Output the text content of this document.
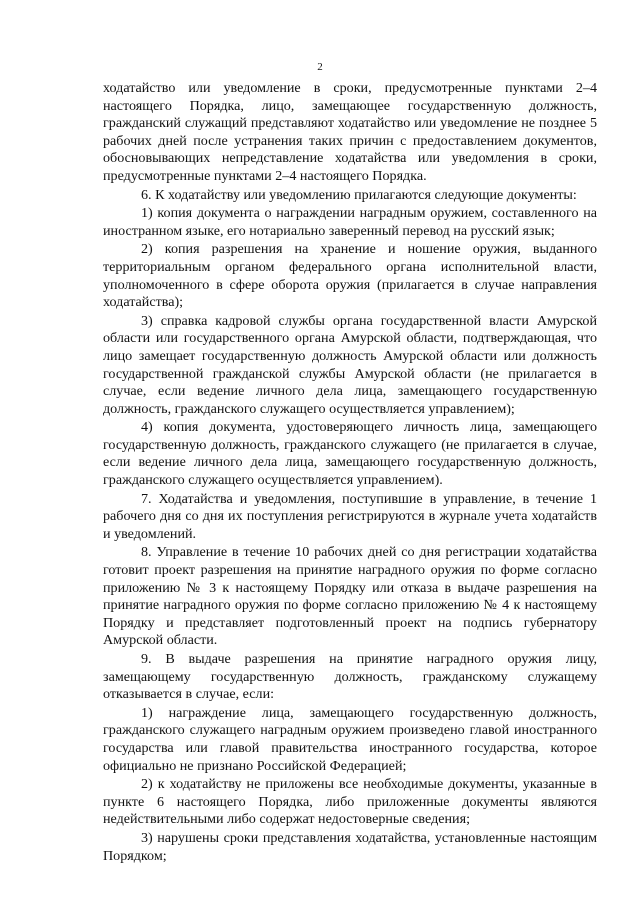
2

ходатайство или уведомление в сроки, предусмотренные пунктами 2–4 настоящего Порядка, лицо, замещающее государственную должность, гражданский служащий представляют ходатайство или уведомление не позднее 5 рабочих дней после устранения таких причин с предоставлением документов, обосновывающих непредставление ходатайства или уведомления в сроки, предусмотренные пунктами 2–4 настоящего Порядка.

6. К ходатайству или уведомлению прилагаются следующие документы:

1) копия документа о награждении наградным оружием, составленного на иностранном языке, его нотариально заверенный перевод на русский язык;

2) копия разрешения на хранение и ношение оружия, выданного территориальным органом федерального органа исполнительной власти, уполномоченного в сфере оборота оружия (прилагается в случае направления ходатайства);

3) справка кадровой службы органа государственной власти Амурской области или государственного органа Амурской области, подтверждающая, что лицо замещает государственную должность Амурской области или должность государственной гражданской службы Амурской области (не прилагается в случае, если ведение личного дела лица, замещающего государственную должность, гражданского служащего осуществляется управлением);

4) копия документа, удостоверяющего личность лица, замещающего государственную должность, гражданского служащего (не прилагается в случае, если ведение личного дела лица, замещающего государственную должность, гражданского служащего осуществляется управлением).

7. Ходатайства и уведомления, поступившие в управление, в течение 1 рабочего дня со дня их поступления регистрируются в журнале учета ходатайств и уведомлений.

8. Управление в течение 10 рабочих дней со дня регистрации ходатайства готовит проект разрешения на принятие наградного оружия по форме согласно приложению № 3 к настоящему Порядку или отказа в выдаче разрешения на принятие наградного оружия по форме согласно приложению № 4 к настоящему Порядку и представляет подготовленный проект на подпись губернатору Амурской области.

9. В выдаче разрешения на принятие наградного оружия лицу, замещающему государственную должность, гражданскому служащему отказывается в случае, если:

1) награждение лица, замещающего государственную должность, гражданского служащего наградным оружием произведено главой иностранного государства или главой правительства иностранного государства, которое официально не признано Российской Федерацией;

2) к ходатайству не приложены все необходимые документы, указанные в пункте 6 настоящего Порядка, либо приложенные документы являются недействительными либо содержат недостоверные сведения;

3) нарушены сроки представления ходатайства, установленные настоящим Порядком;
